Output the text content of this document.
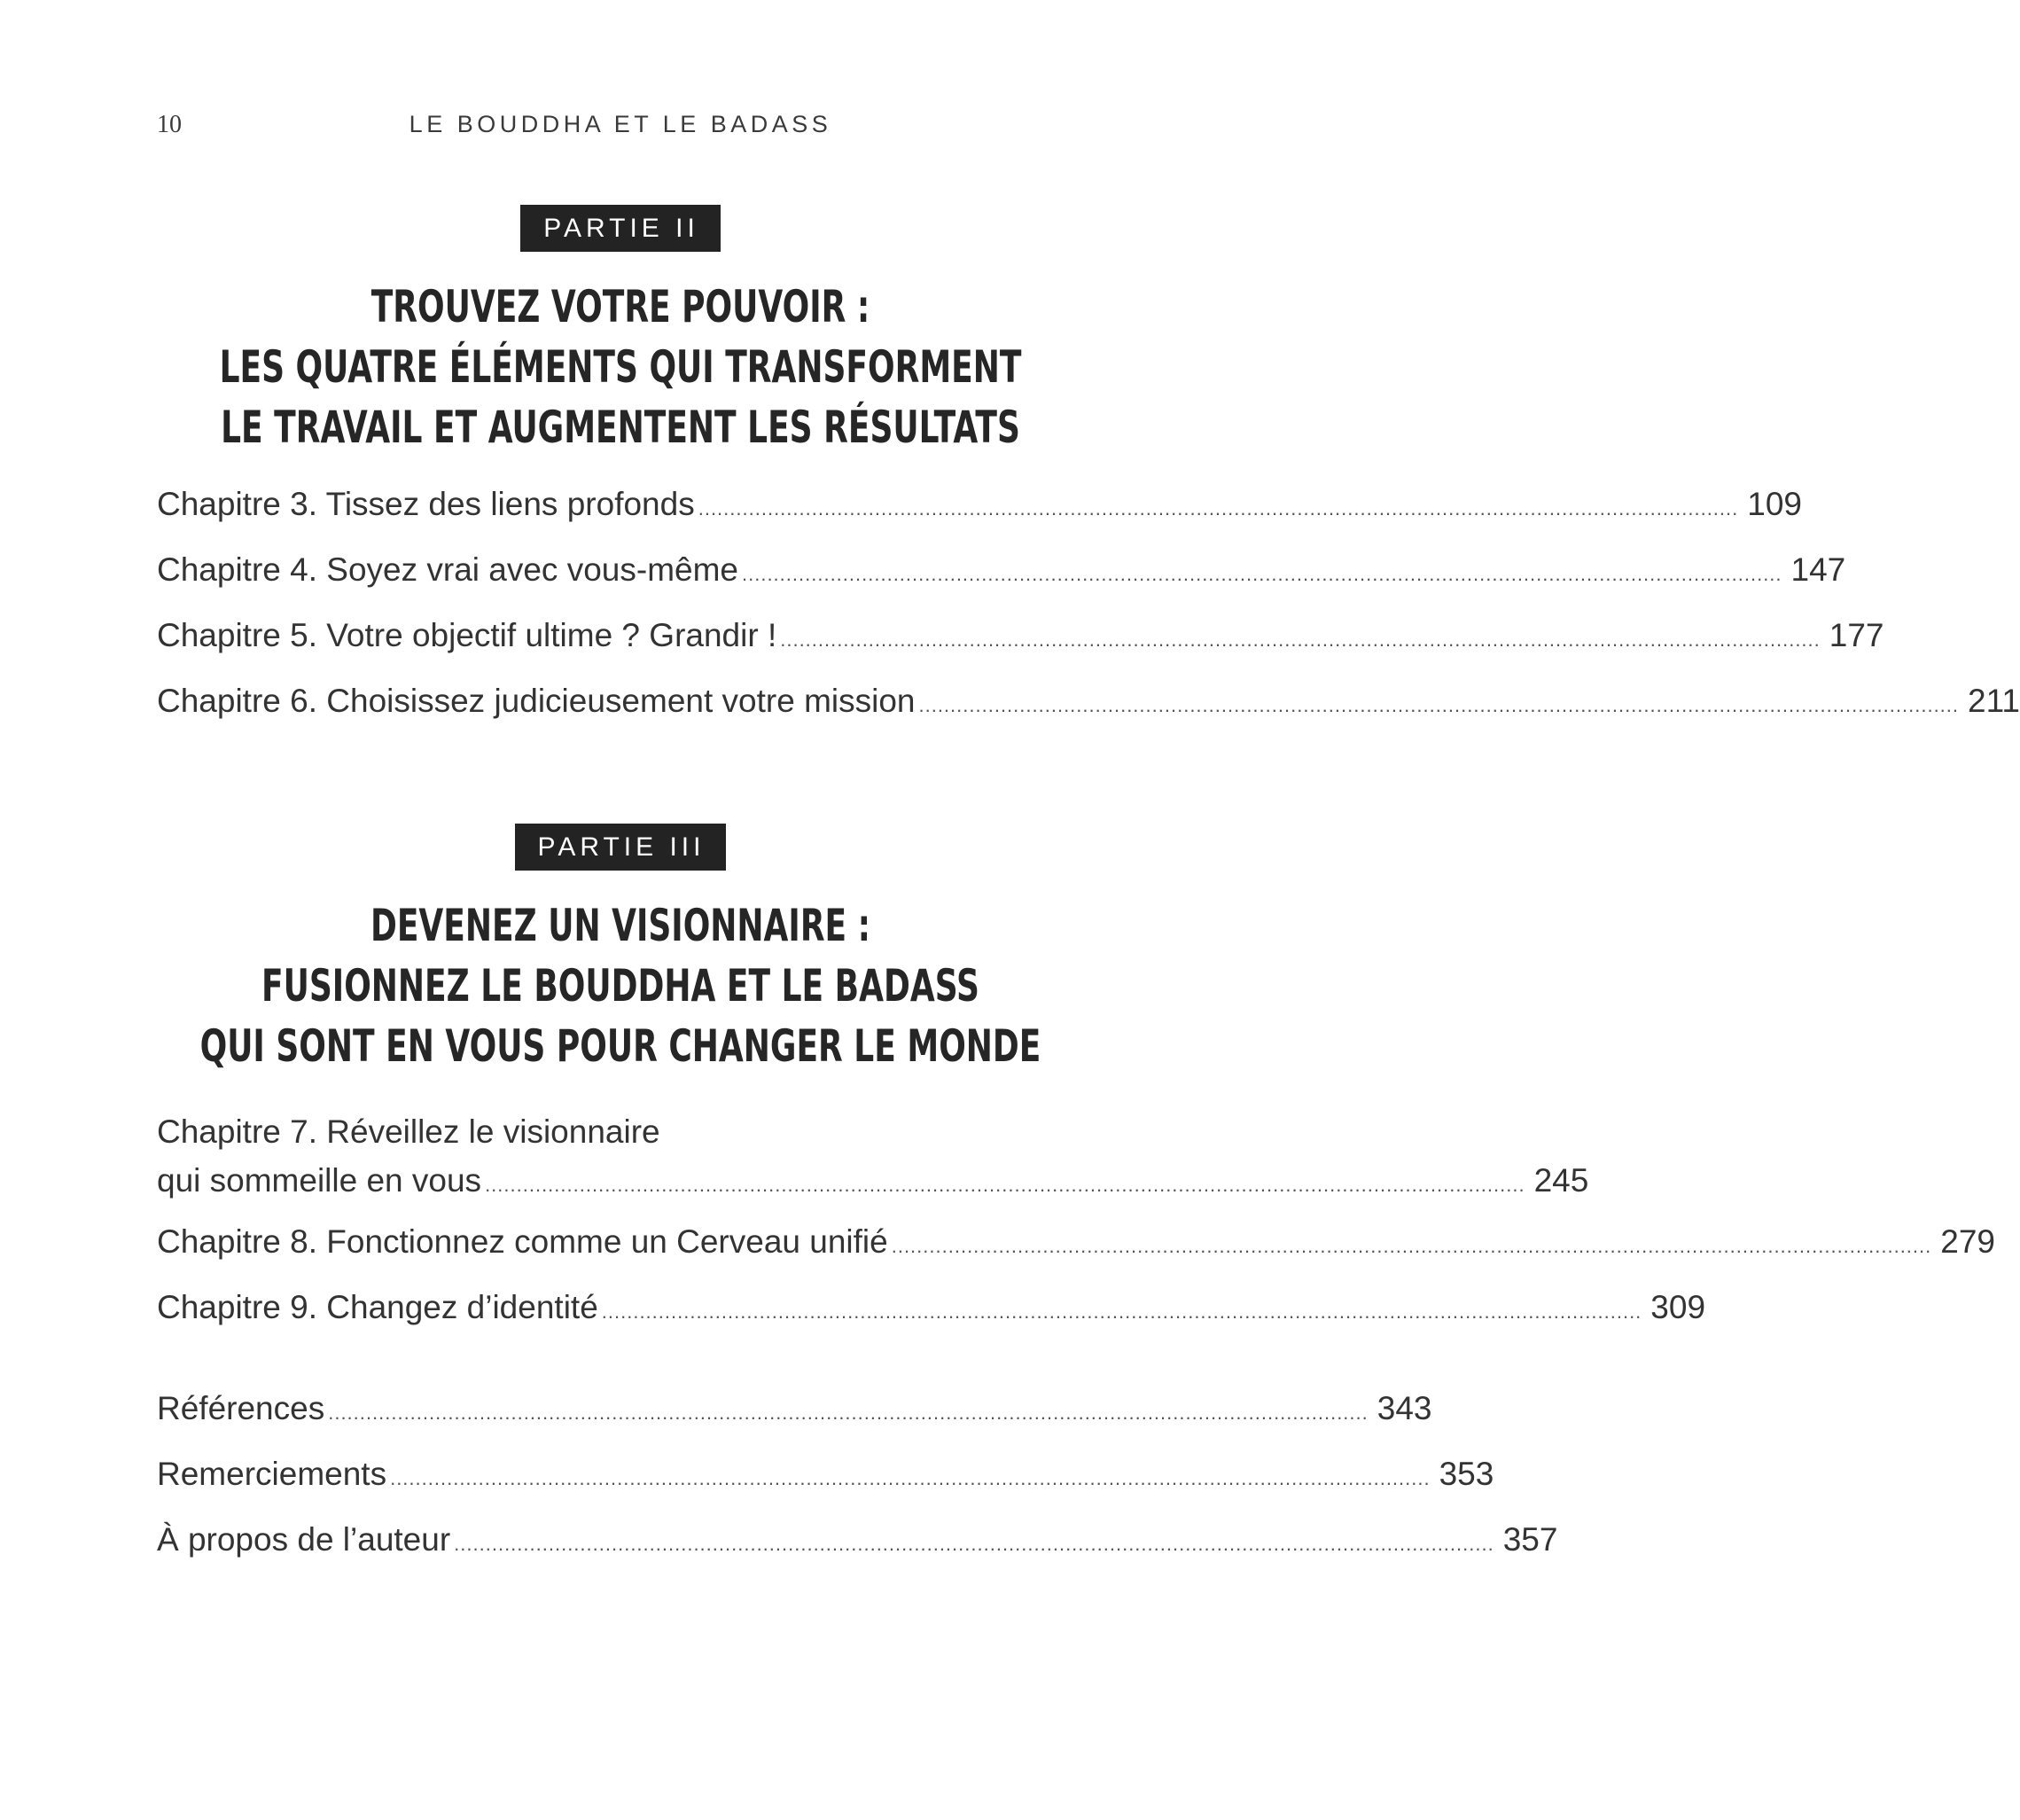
10	LE BOUDDHA ET LE BADASS
PARTIE II
TROUVEZ VOTRE POUVOIR :
LES QUATRE ÉLÉMENTS QUI TRANSFORMENT
LE TRAVAIL ET AUGMENTENT LES RÉSULTATS
Chapitre 3. Tissez des liens profonds ..................................................................................................................................................................... 109
Chapitre 4. Soyez vrai avec vous-même ..................................................................................................................................................................... 147
Chapitre 5. Votre objectif ultime ? Grandir ! ..................................................................................................................................................................... 177
Chapitre 6. Choisissez judicieusement votre mission ..................................................................................................................................................................... 211
PARTIE III
DEVENEZ UN VISIONNAIRE :
FUSIONNEZ LE BOUDDHA ET LE BADASS
QUI SONT EN VOUS POUR CHANGER LE MONDE
Chapitre 7. Réveillez le visionnaire
qui sommeille en vous ..................................................................................................................................................................... 245
Chapitre 8. Fonctionnez comme un Cerveau unifié ..................................................................................................................................................................... 279
Chapitre 9. Changez d’identité ..................................................................................................................................................................... 309
Références ..................................................................................................................................................................... 343
Remerciements ..................................................................................................................................................................... 353
À propos de l’auteur ..................................................................................................................................................................... 357
